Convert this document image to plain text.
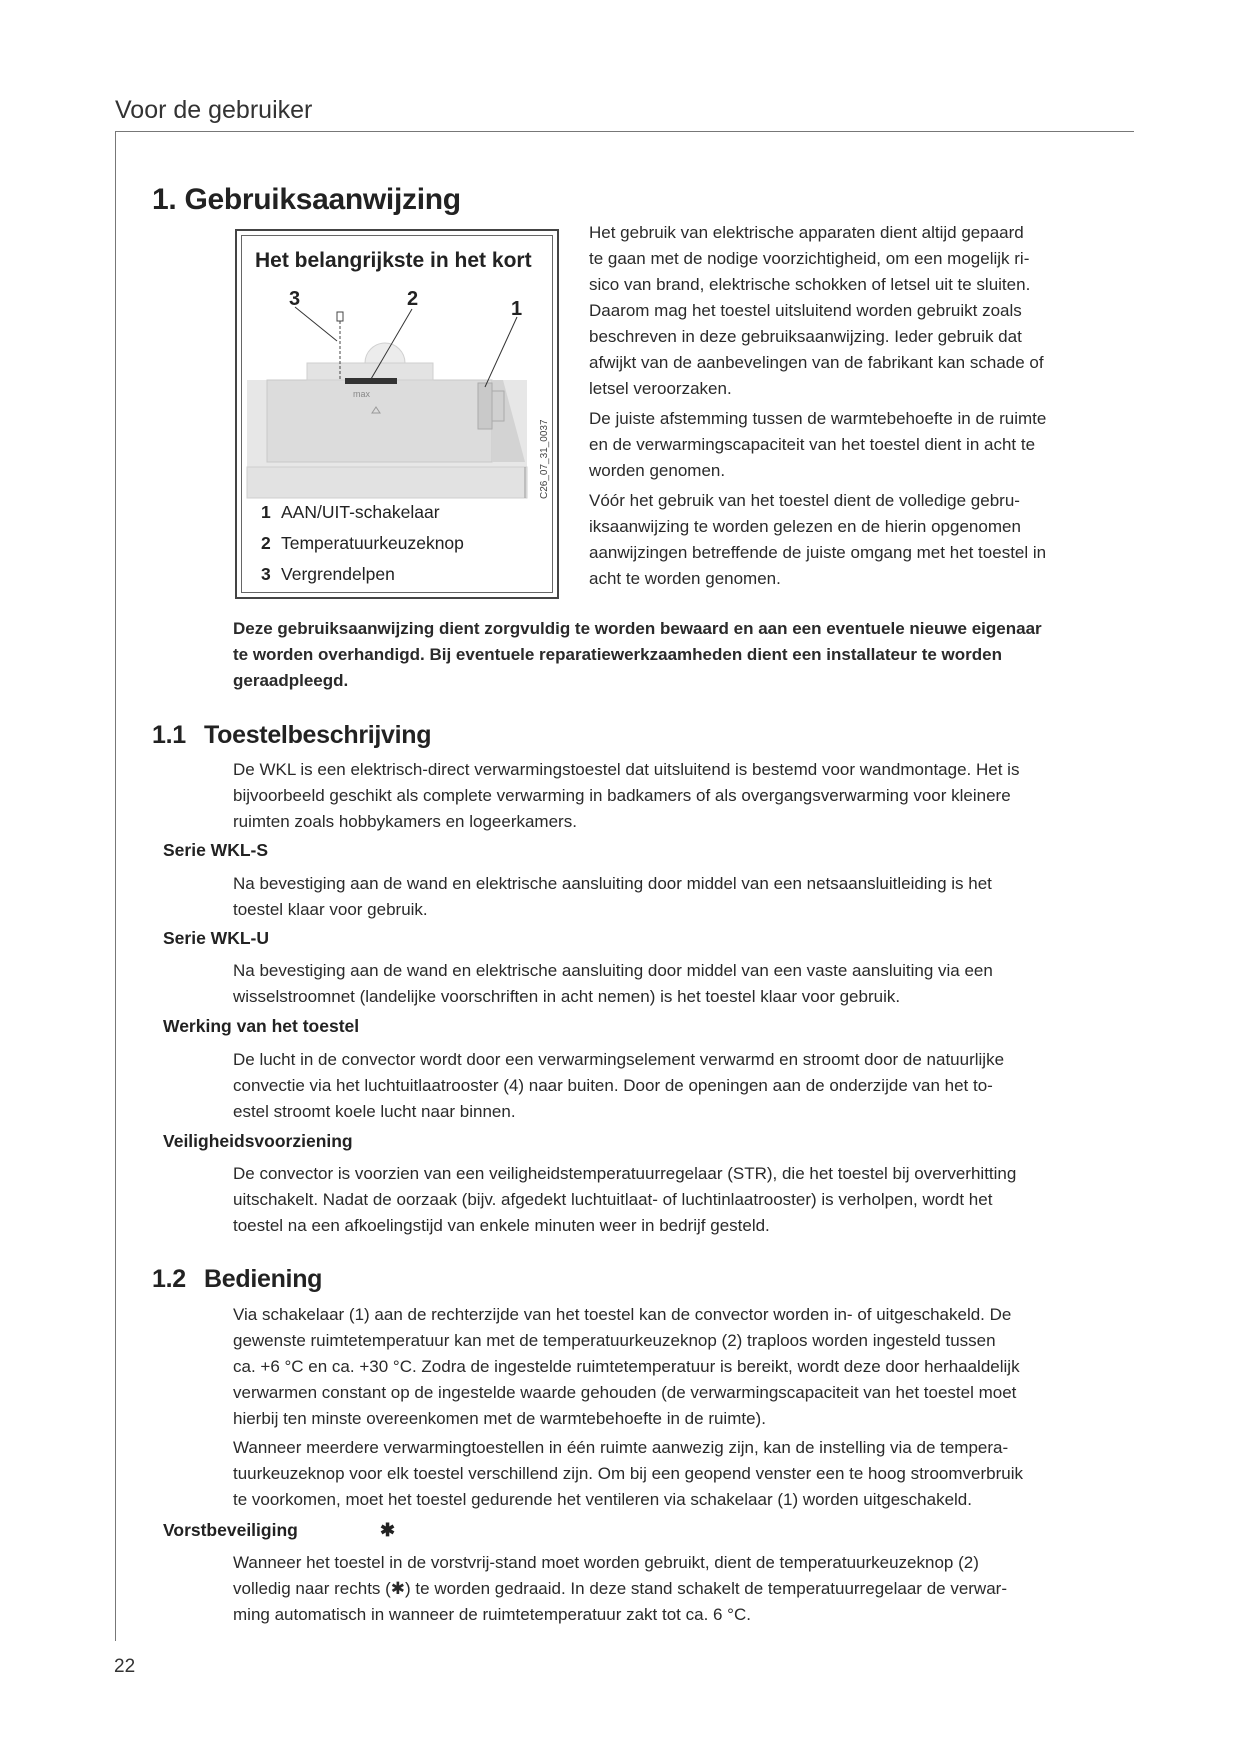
Voor de gebruiker
22
1. Gebruiksaanwijzing
Het belangrijkste in het kort
max
3	2	1
C26_07_31_0037
1 AAN/UIT-schakelaar
2 Temperatuurkeuzeknop
3 Vergrendelpen
Het gebruik van elektrische apparaten dient altijd gepaard
te gaan met de nodige voorzichtigheid, om een mogelijk ri-
sico van brand, elektrische schokken of letsel uit te sluiten.
Daarom mag het toestel uitsluitend worden gebruikt zoals
beschreven in deze gebruiksaanwijzing. Ieder gebruik dat
afwijkt van de aanbevelingen van de fabrikant kan schade of
letsel veroorzaken.
De juiste afstemming tussen de warmtebehoefte in de ruimte
en de verwarmingscapaciteit van het toestel dient in acht te
worden genomen.
Vóór het gebruik van het toestel dient de volledige gebru-
iksaanwijzing te worden gelezen en de hierin opgenomen
aanwijzingen betreffende de juiste omgang met het toestel in
acht te worden genomen.
Deze gebruiksaanwijzing dient zorgvuldig te worden bewaard en aan een eventuele nieuwe eigenaar
te worden overhandigd. Bij eventuele reparatiewerkzaamheden dient een installateur te worden
geraadpleegd.
1.1 Toestelbeschrijving
De WKL is een elektrisch-direct verwarmingstoestel dat uitsluitend is bestemd voor wandmontage. Het is
bijvoorbeeld geschikt als complete verwarming in badkamers of als overgangsverwarming voor kleinere
ruimten zoals hobbykamers en logeerkamers.
Serie WKL-S
Na bevestiging aan de wand en elektrische aansluiting door middel van een netsaansluitleiding is het
toestel klaar voor gebruik.
Serie WKL-U
Na bevestiging aan de wand en elektrische aansluiting door middel van een vaste aansluiting via een
wisselstroomnet (landelijke voorschriften in acht nemen) is het toestel klaar voor gebruik.
Werking van het toestel
De lucht in de convector wordt door een verwarmingselement verwarmd en stroomt door de natuurlijke
convectie via het luchtuitlaatrooster (4) naar buiten. Door de openingen aan de onderzijde van het to-
estel stroomt koele lucht naar binnen.
Veiligheidsvoorziening
De convector is voorzien van een veiligheidstemperatuurregelaar (STR), die het toestel bij oververhitting
uitschakelt. Nadat de oorzaak (bijv. afgedekt luchtuitlaat- of luchtinlaatrooster) is verholpen, wordt het
toestel na een afkoelingstijd van enkele minuten weer in bedrijf gesteld.
1.2 Bediening
Via schakelaar (1) aan de rechterzijde van het toestel kan de convector worden in- of uitgeschakeld. De
gewenste ruimtetemperatuur kan met de temperatuurkeuzeknop (2) traploos worden ingesteld tussen
ca. +6 °C en ca. +30 °C. Zodra de ingestelde ruimtetemperatuur is bereikt, wordt deze door herhaaldelijk
verwarmen constant op de ingestelde waarde gehouden (de verwarmingscapaciteit van het toestel moet
hierbij ten minste overeenkomen met de warmtebehoefte in de ruimte).
Wanneer meerdere verwarmingtoestellen in één ruimte aanwezig zijn, kan de instelling via de tempera-
tuurkeuzeknop voor elk toestel verschillend zijn. Om bij een geopend venster een te hoog stroomverbruik
te voorkomen, moet het toestel gedurende het ventileren via schakelaar (1) worden uitgeschakeld.
Vorstbeveiliging	✱
Wanneer het toestel in de vorstvrij-stand moet worden gebruikt, dient de temperatuurkeuzeknop (2)
volledig naar rechts (✱) te worden gedraaid. In deze stand schakelt de temperatuurregelaar de verwar-
ming automatisch in wanneer de ruimtetemperatuur zakt tot ca. 6 °C.
